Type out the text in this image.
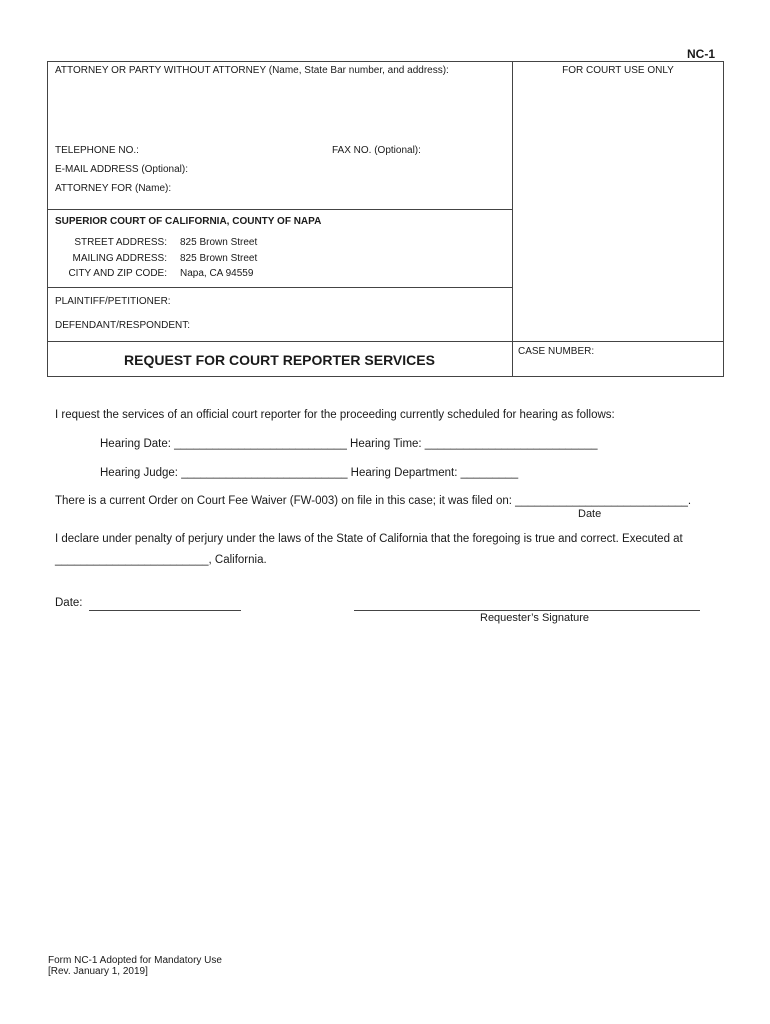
NC-1
ATTORNEY OR PARTY WITHOUT ATTORNEY (Name, State Bar number, and address):	FOR COURT USE ONLY
TELEPHONE NO.:	FAX NO. (Optional):
E-MAIL ADDRESS (Optional):
ATTORNEY FOR (Name):
SUPERIOR COURT OF CALIFORNIA, COUNTY OF NAPA
STREET ADDRESS: 825 Brown Street
MAILING ADDRESS: 825 Brown Street
CITY AND ZIP CODE: Napa, CA 94559
PLAINTIFF/PETITIONER:
DEFENDANT/RESPONDENT:
REQUEST FOR COURT REPORTER SERVICES
CASE NUMBER:
I request the services of an official court reporter for the proceeding currently scheduled for hearing as follows:
Hearing Date: ___________________________ Hearing Time: ___________________________
Hearing Judge: __________________________ Hearing Department: _________
There is a current Order on Court Fee Waiver (FW-003) on file in this case; it was filed on: ___________________________.
Date
I declare under penalty of perjury under the laws of the State of California that the foregoing is true and correct. Executed at
________________________, California.
Date:
Requester’s Signature
Form NC-1 Adopted for Mandatory Use
[Rev. January 1, 2019]
